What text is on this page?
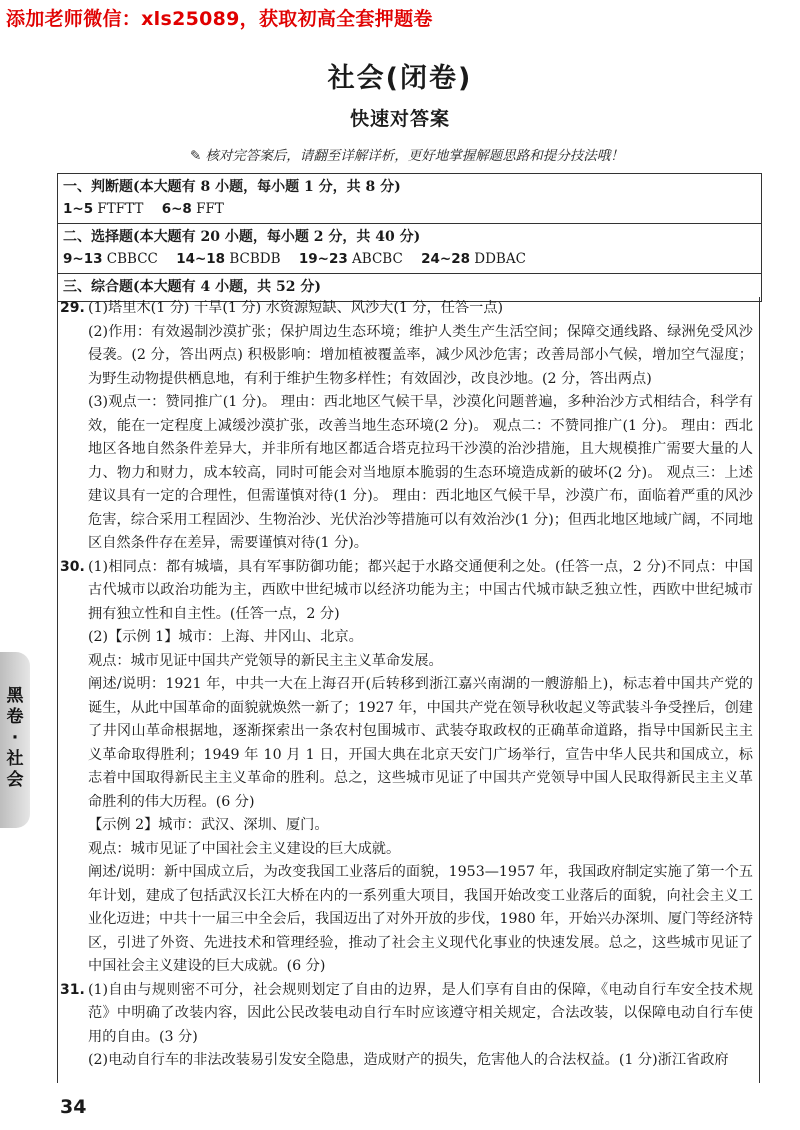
添加老师微信：xls25089，获取初高全套押题卷
社会(闭卷)
快速对答案
✎ 核对完答案后，请翻至详解详析，更好地掌握解题思路和提分技法哦！
一、判断题(本大题有 8 小题，每小题 1 分，共 8 分)
1~5 FTFTT 6~8 FFT
二、选择题(本大题有 20 小题，每小题 2 分，共 40 分)
9~13 CBBCC 14~18 BCBDB 19~23 ABCBC 24~28 DDBAC
三、综合题(本大题有 4 小题，共 52 分)
29. (1)塔里木(1 分) 干旱(1 分) 水资源短缺、风沙大(1 分，任答一点)

(2)作用：有效遏制沙漠扩张；保护周边生态环境；维护人类生产生活空间；保障交通线路、绿洲免受风沙侵袭。(2 分，答出两点) 积极影响：增加植被覆盖率，减少风沙危害；改善局部小气候，增加空气湿度；为野生动物提供栖息地，有利于维护生物多样性；有效固沙，改良沙地。(2 分，答出两点)

(3)观点一：赞同推广(1 分)。 理由：西北地区气候干旱，沙漠化问题普遍，多种治沙方式相结合，科学有效，能在一定程度上减缓沙漠扩张，改善当地生态环境(2 分)。 观点二：不赞同推广(1 分)。 理由：西北地区各地自然条件差异大，并非所有地区都适合塔克拉玛干沙漠的治沙措施，且大规模推广需要大量的人力、物力和财力，成本较高，同时可能会对当地原本脆弱的生态环境造成新的破坏(2 分)。 观点三：上述建议具有一定的合理性，但需谨慎对待(1 分)。 理由：西北地区气候干旱，沙漠广布，面临着严重的风沙危害，综合采用工程固沙、生物治沙、光伏治沙等措施可以有效治沙(1 分)；但西北地区地域广阔，不同地区自然条件存在差异，需要谨慎对待(1 分)。

30. (1)相同点：都有城墙，具有军事防御功能；都兴起于水路交通便利之处。(任答一点，2 分)不同点：中国古代城市以政治功能为主，西欧中世纪城市以经济功能为主；中国古代城市缺乏独立性，西欧中世纪城市拥有独立性和自主性。(任答一点，2 分)

(2)【示例 1】城市：上海、井冈山、北京。

观点：城市见证中国共产党领导的新民主主义革命发展。

阐述/说明：1921 年，中共一大在上海召开(后转移到浙江嘉兴南湖的一艘游船上)，标志着中国共产党的诞生，从此中国革命的面貌就焕然一新了；1927 年，中国共产党在领导秋收起义等武装斗争受挫后，创建了井冈山革命根据地，逐渐探索出一条农村包围城市、武装夺取政权的正确革命道路，指导中国新民主主义革命取得胜利；1949 年 10 月 1 日，开国大典在北京天安门广场举行，宣告中华人民共和国成立，标志着中国取得新民主主义革命的胜利。总之，这些城市见证了中国共产党领导中国人民取得新民主主义革命胜利的伟大历程。(6 分)

【示例 2】城市：武汉、深圳、厦门。

观点：城市见证了中国社会主义建设的巨大成就。

阐述/说明：新中国成立后，为改变我国工业落后的面貌，1953—1957 年，我国政府制定实施了第一个五年计划，建成了包括武汉长江大桥在内的一系列重大项目，我国开始改变工业落后的面貌，向社会主义工业化迈进；中共十一届三中全会后，我国迈出了对外开放的步伐，1980 年，开始兴办深圳、厦门等经济特区，引进了外资、先进技术和管理经验，推动了社会主义现代化事业的快速发展。总之，这些城市见证了中国社会主义建设的巨大成就。(6 分)

31. (1)自由与规则密不可分，社会规则划定了自由的边界，是人们享有自由的保障，《电动自行车安全技术规范》中明确了改装内容，因此公民改装电动自行车时应该遵守相关规定，合法改装，以保障电动自行车使用的自由。(3 分)

(2)电动自行车的非法改装易引发安全隐患，造成财产的损失，危害他人的合法权益。(1 分)浙江省政府

黑卷·社会
34
